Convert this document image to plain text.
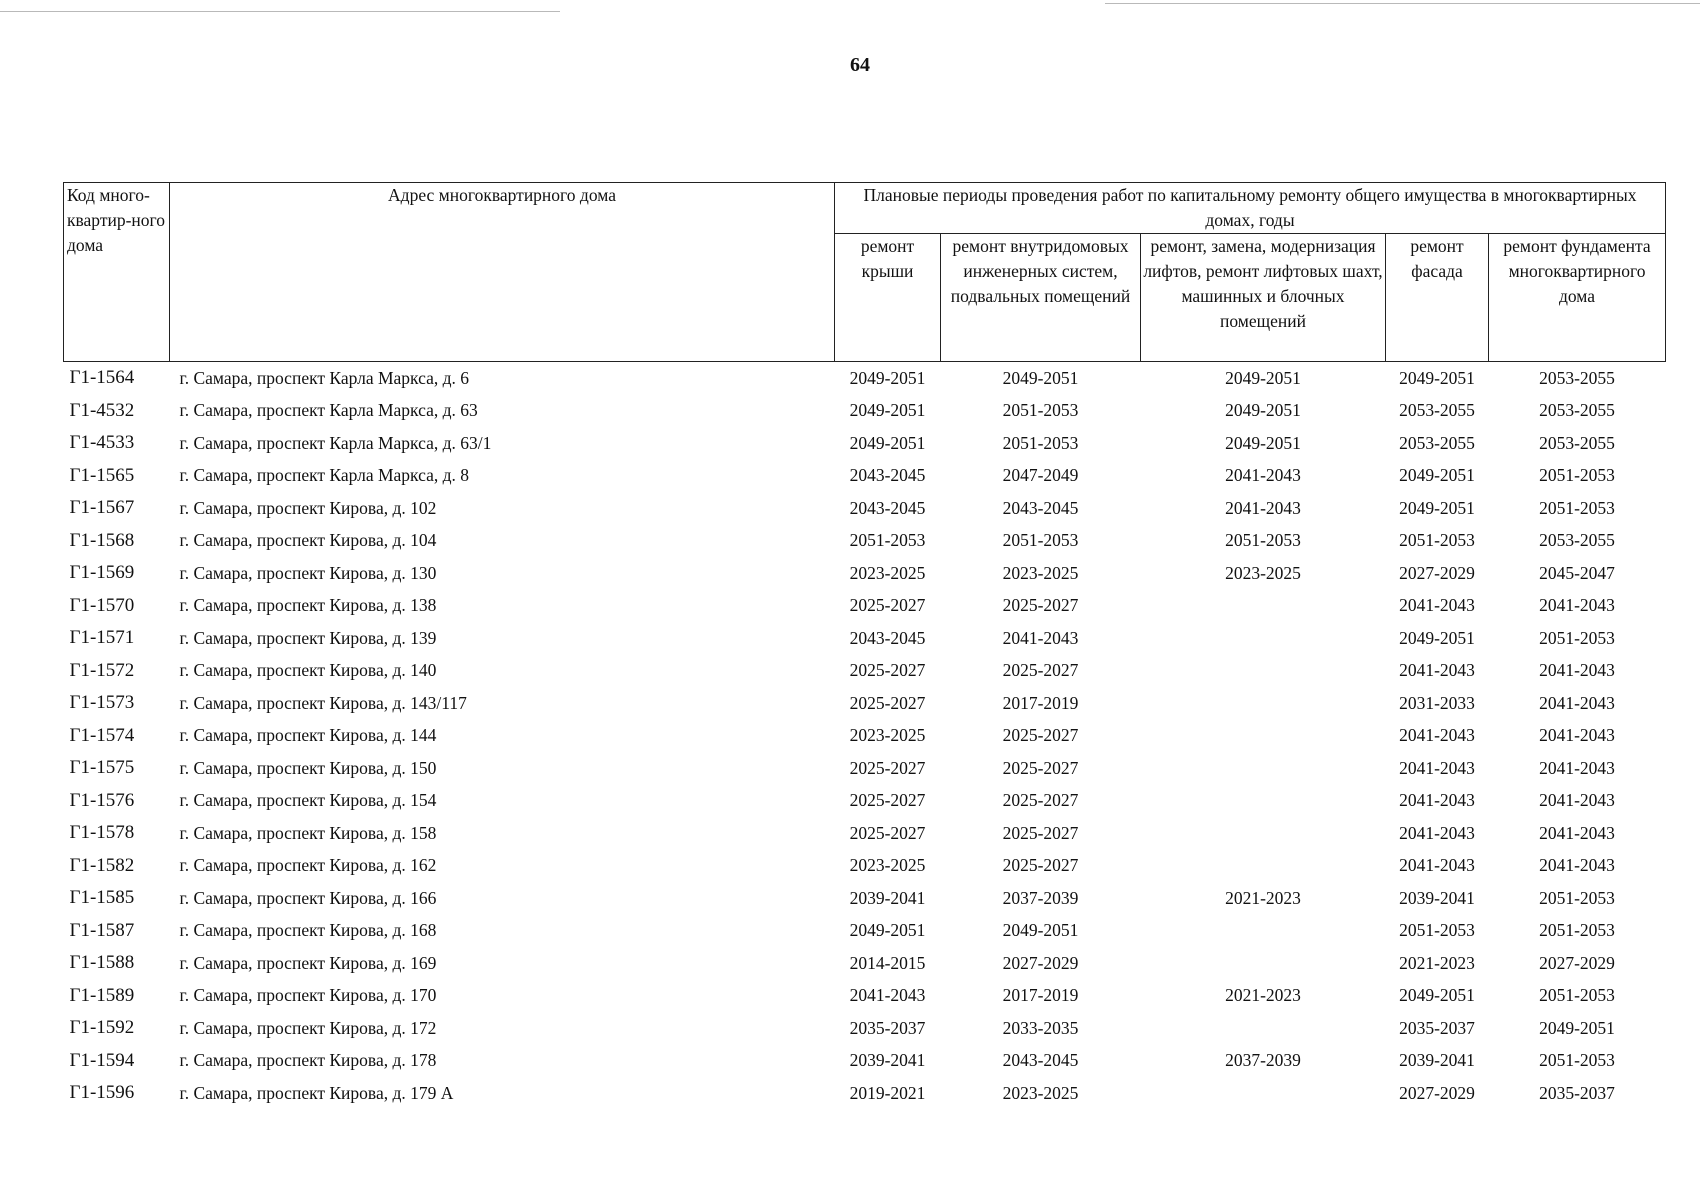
64
Код много-квартир-ного дома	Адрес многоквартирного дома	Плановые периоды проведения работ по капитальному ремонту общего имущества в многоквартирных домах, годы				
		ремонт крыши	ремонт внутридомовых инженерных систем, подвальных помещений	ремонт, замена, модернизация лифтов, ремонт лифтовых шахт, машинных и блочных помещений	ремонт фасада	ремонт фундамента многоквартирного дома
Г1-1564	г. Самара, проспект Карла Маркса, д. 6	2049-2051	2049-2051	2049-2051	2049-2051	2053-2055
Г1-4532	г. Самара, проспект Карла Маркса, д. 63	2049-2051	2051-2053	2049-2051	2053-2055	2053-2055
Г1-4533	г. Самара, проспект Карла Маркса, д. 63/1	2049-2051	2051-2053	2049-2051	2053-2055	2053-2055
Г1-1565	г. Самара, проспект Карла Маркса, д. 8	2043-2045	2047-2049	2041-2043	2049-2051	2051-2053
Г1-1567	г. Самара, проспект Кирова, д. 102	2043-2045	2043-2045	2041-2043	2049-2051	2051-2053
Г1-1568	г. Самара, проспект Кирова, д. 104	2051-2053	2051-2053	2051-2053	2051-2053	2053-2055
Г1-1569	г. Самара, проспект Кирова, д. 130	2023-2025	2023-2025	2023-2025	2027-2029	2045-2047
Г1-1570	г. Самара, проспект Кирова, д. 138	2025-2027	2025-2027		2041-2043	2041-2043
Г1-1571	г. Самара, проспект Кирова, д. 139	2043-2045	2041-2043		2049-2051	2051-2053
Г1-1572	г. Самара, проспект Кирова, д. 140	2025-2027	2025-2027		2041-2043	2041-2043
Г1-1573	г. Самара, проспект Кирова, д. 143/117	2025-2027	2017-2019		2031-2033	2041-2043
Г1-1574	г. Самара, проспект Кирова, д. 144	2023-2025	2025-2027		2041-2043	2041-2043
Г1-1575	г. Самара, проспект Кирова, д. 150	2025-2027	2025-2027		2041-2043	2041-2043
Г1-1576	г. Самара, проспект Кирова, д. 154	2025-2027	2025-2027		2041-2043	2041-2043
Г1-1578	г. Самара, проспект Кирова, д. 158	2025-2027	2025-2027		2041-2043	2041-2043
Г1-1582	г. Самара, проспект Кирова, д. 162	2023-2025	2025-2027		2041-2043	2041-2043
Г1-1585	г. Самара, проспект Кирова, д. 166	2039-2041	2037-2039	2021-2023	2039-2041	2051-2053
Г1-1587	г. Самара, проспект Кирова, д. 168	2049-2051	2049-2051		2051-2053	2051-2053
Г1-1588	г. Самара, проспект Кирова, д. 169	2014-2015	2027-2029		2021-2023	2027-2029
Г1-1589	г. Самара, проспект Кирова, д. 170	2041-2043	2017-2019	2021-2023	2049-2051	2051-2053
Г1-1592	г. Самара, проспект Кирова, д. 172	2035-2037	2033-2035		2035-2037	2049-2051
Г1-1594	г. Самара, проспект Кирова, д. 178	2039-2041	2043-2045	2037-2039	2039-2041	2051-2053
Г1-1596	г. Самара, проспект Кирова, д. 179 А	2019-2021	2023-2025		2027-2029	2035-2037
